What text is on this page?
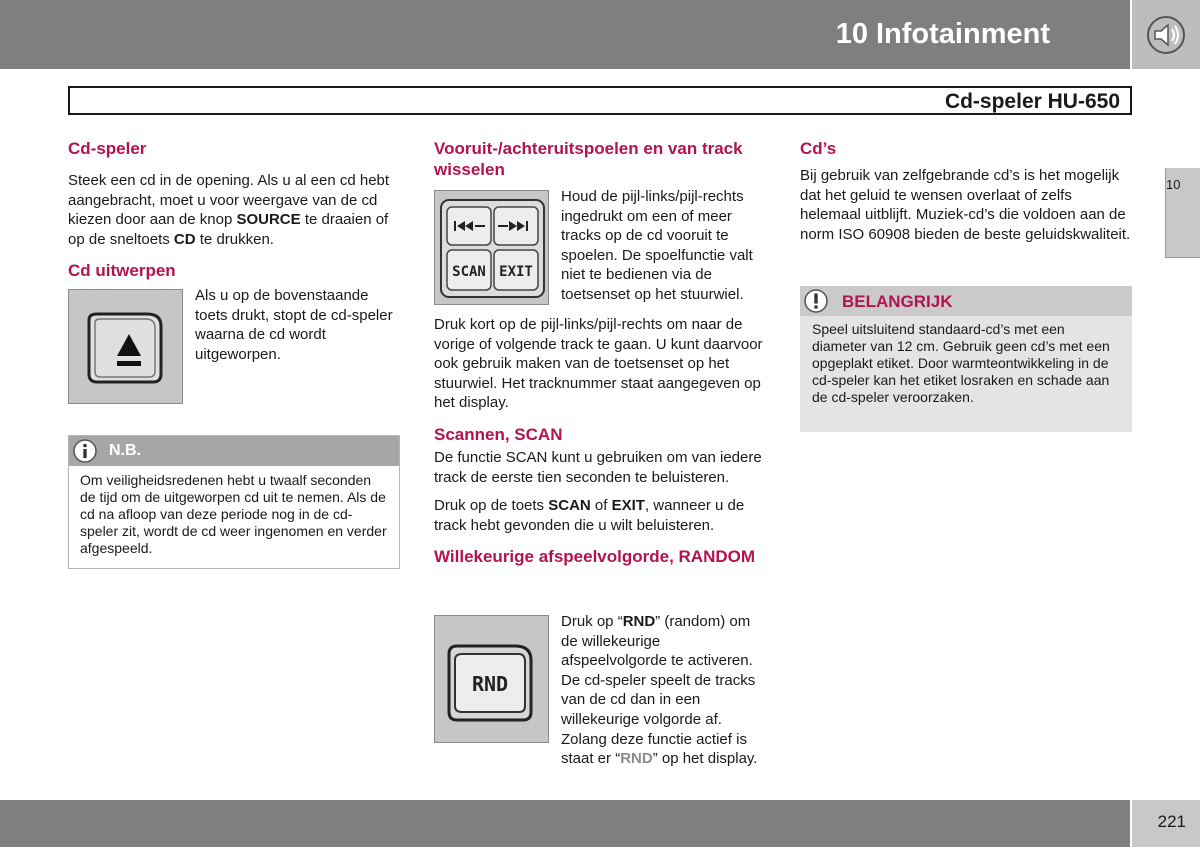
10 Infotainment
Cd-speler HU-650
10
Cd-speler

Steek een cd in de opening. Als u al een cd hebt aangebracht, moet u voor weergave van de cd kiezen door aan de knop SOURCE te draaien of op de sneltoets CD te drukken.

Cd uitwerpen

Als u op de bovenstaande toets drukt, stopt de cd-speler waarna de cd wordt uitgeworpen.

N.B.
Om veiligheidsredenen hebt u twaalf seconden de tijd om de uitgeworpen cd uit te nemen. Als de cd na afloop van deze periode nog in de cd-speler zit, wordt de cd weer ingenomen en verder afgespeeld.
Vooruit-/achteruitspoelen en van track wisselen
SCAN EXIT

Houd de pijl-links/pijl-rechts ingedrukt om een of meer tracks op de cd vooruit te spoelen. De spoelfunctie valt niet te bedienen via de toetsenset op het stuurwiel.

Druk kort op de pijl-links/pijl-rechts om naar de vorige of volgende track te gaan. U kunt daarvoor ook gebruik maken van de toetsenset op het stuurwiel. Het tracknummer staat aangegeven op het display.

Scannen, SCAN

De functie SCAN kunt u gebruiken om van iedere track de eerste tien seconden te beluisteren.

Druk op de toets SCAN of EXIT, wanneer u de track hebt gevonden die u wilt beluisteren.

Willekeurige afspeelvolgorde, RANDOM
RND

Druk op “RND” (random) om de willekeurige afspeelvolgorde te activeren. De cd-speler speelt de tracks van de cd dan in een willekeurige volgorde af. Zolang deze functie actief is staat er “RND” op het display.

Cd’s

Bij gebruik van zelfgebrande cd’s is het mogelijk dat het geluid te wensen overlaat of zelfs helemaal uitblijft. Muziek-cd’s die voldoen aan de norm ISO 60908 bieden de beste geluidskwaliteit.

BELANGRIJK
Speel uitsluitend standaard-cd’s met een diameter van 12 cm. Gebruik geen cd’s met een opgeplakt etiket. Door warmteontwikkeling in de cd-speler kan het etiket losraken en schade aan de cd-speler veroorzaken.
221
